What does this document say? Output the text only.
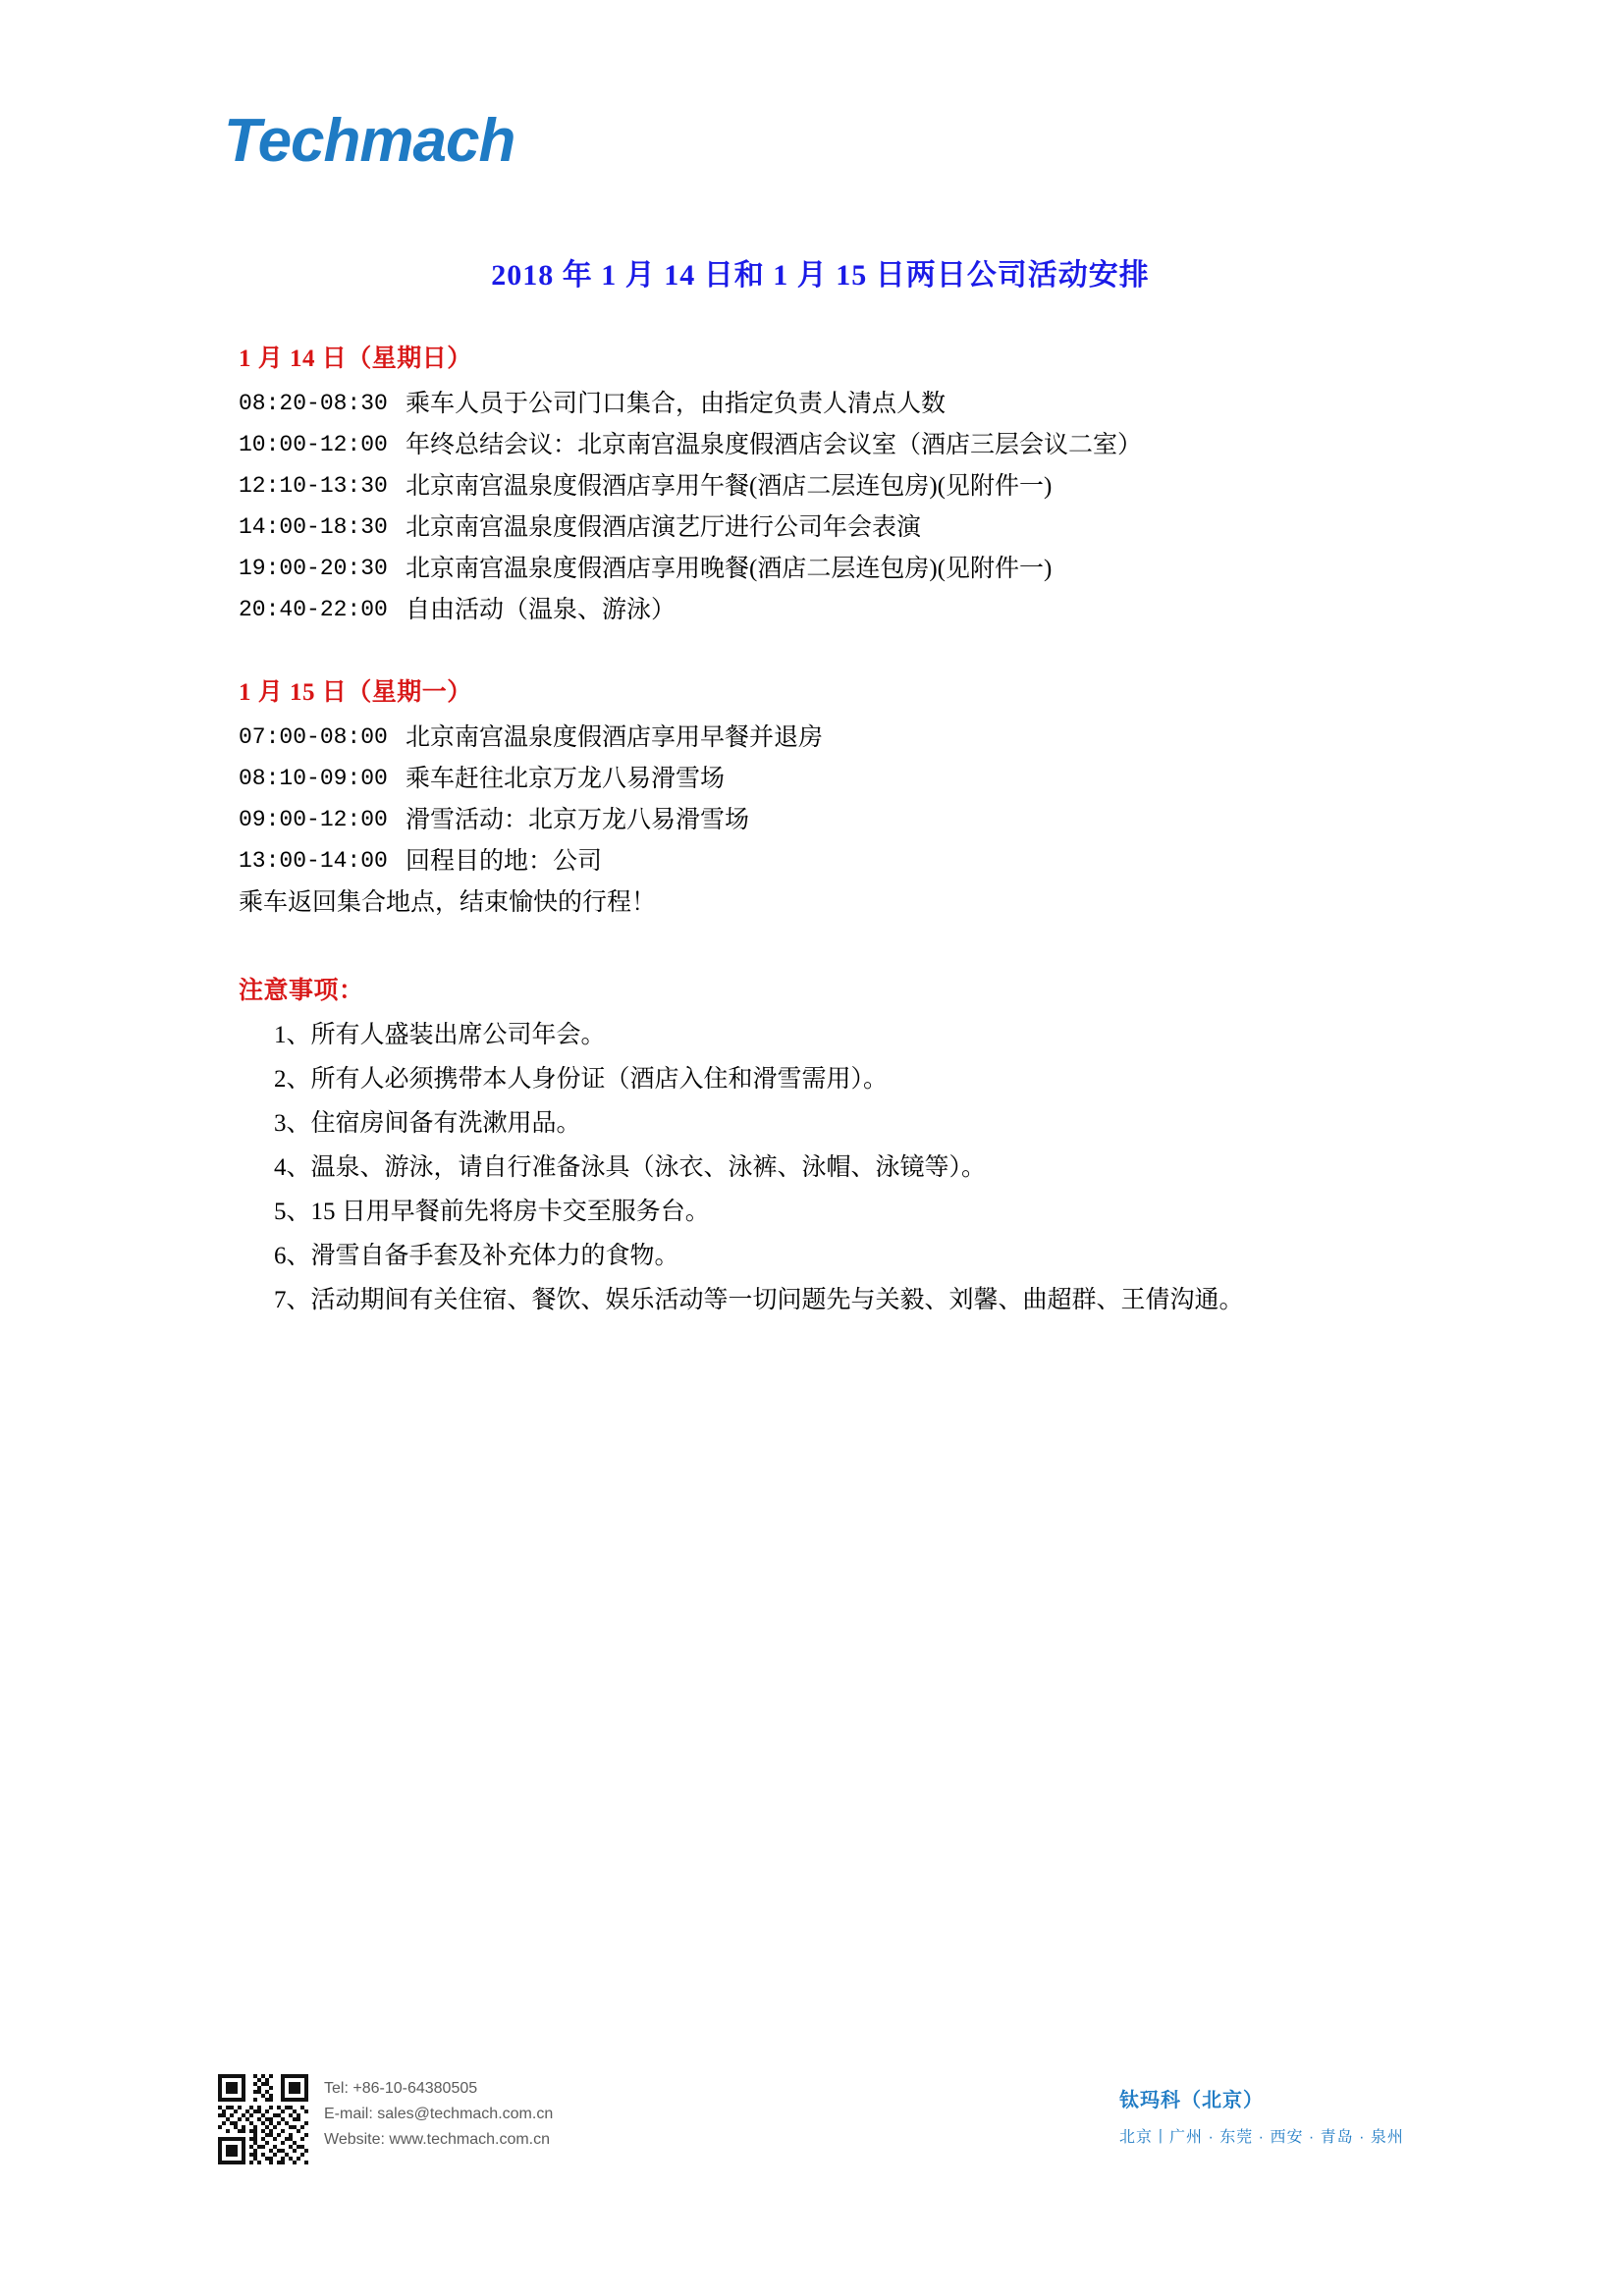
Techmach
2018 年 1 月 14 日和 1 月 15 日两日公司活动安排
1 月 14 日（星期日）
08:20-08:30 乘车人员于公司门口集合，由指定负责人清点人数
10:00-12:00 年终总结会议：北京南宫温泉度假酒店会议室（酒店三层会议二室）
12:10-13:30 北京南宫温泉度假酒店享用午餐(酒店二层连包房)(见附件一)
14:00-18:30 北京南宫温泉度假酒店演艺厅进行公司年会表演
19:00-20:30 北京南宫温泉度假酒店享用晚餐(酒店二层连包房)(见附件一)
20:40-22:00 自由活动（温泉、游泳）
1 月 15 日（星期一）
07:00-08:00 北京南宫温泉度假酒店享用早餐并退房
08:10-09:00 乘车赶往北京万龙八易滑雪场
09:00-12:00 滑雪活动：北京万龙八易滑雪场
13:00-14:00 回程目的地：公司

乘车返回集合地点，结束愉快的行程！

注意事项：
1、所有人盛装出席公司年会。
2、所有人必须携带本人身份证（酒店入住和滑雪需用）。
3、住宿房间备有洗漱用品。
4、温泉、游泳，请自行准备泳具（泳衣、泳裤、泳帽、泳镜等）。
5、15 日用早餐前先将房卡交至服务台。
6、滑雪自备手套及补充体力的食物。
7、活动期间有关住宿、餐饮、娱乐活动等一切问题先与关毅、刘馨、曲超群、王倩沟通。
Tel: +86-10-64380505
E-mail: sales@techmach.com.cn
Website: www.techmach.com.cn
钛玛科（北京）
北京丨广州 · 东莞 · 西安 · 青岛 · 泉州
